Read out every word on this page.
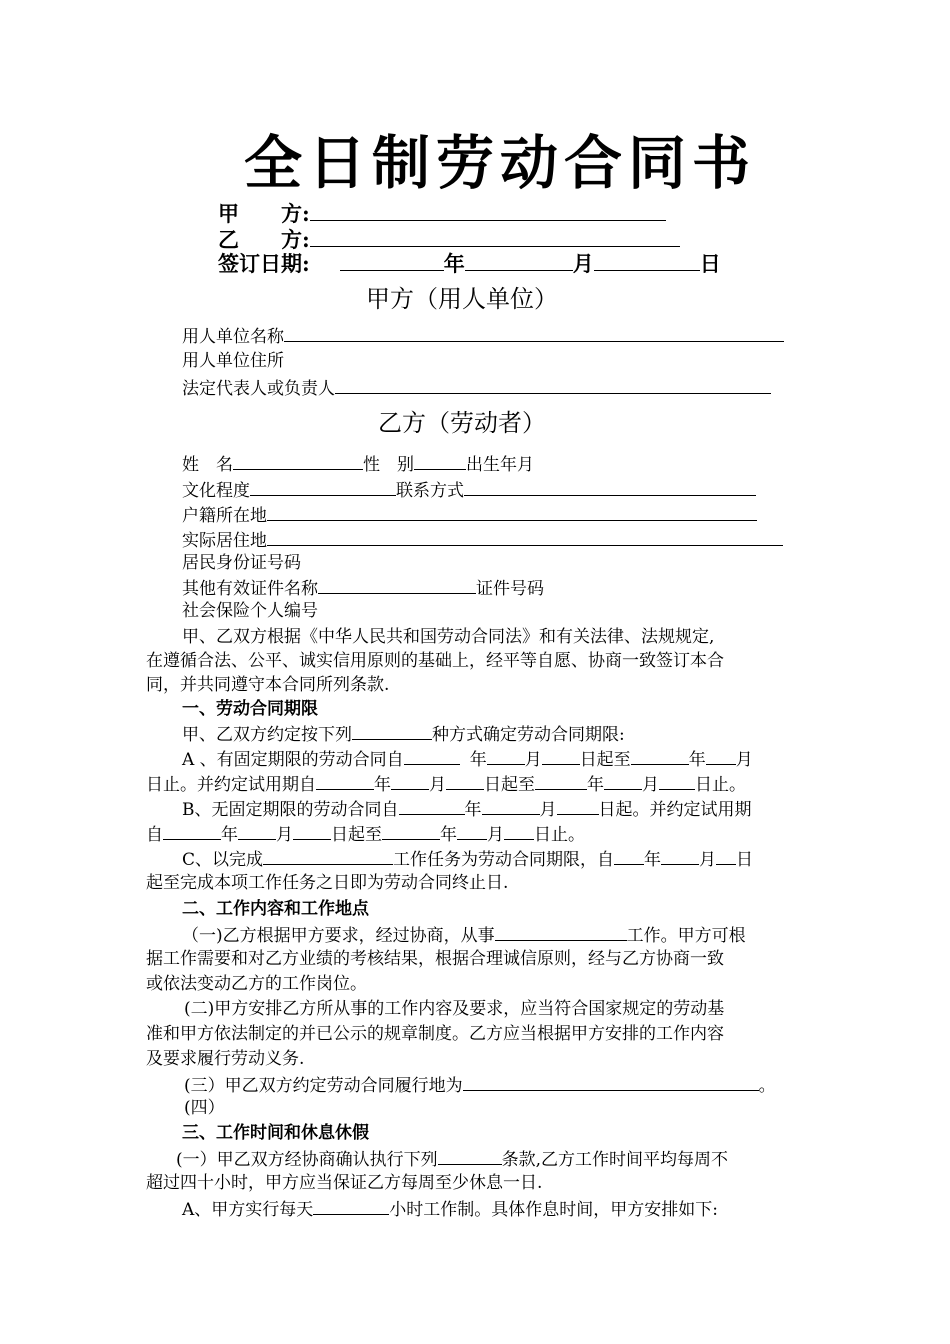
全日制劳动合同书
甲　　方:
乙　　方:
签订日期:	年	月	日
甲方（用人单位）
用人单位名称
用人单位住所
法定代表人或负责人
乙方（劳动者）
姓　名	性　别	出生年月
文化程度	联系方式
户籍所在地
实际居住地
居民身份证号码
其他有效证件名称	证件号码
社会保险个人编号
甲、乙双方根据《中华人民共和国劳动合同法》和有关法律、法规规定,
在遵循合法、公平、诚实信用原则的基础上，经平等自愿、协商一致签订本合
同，并共同遵守本合同所列条款.
一、劳动合同期限
甲、乙双方约定按下列	种方式确定劳动合同期限:
A 、有固定期限的劳动合同自	年 月 日起至	年 月
日止。并约定试用期自	年 月 日起至	年 月 日止。
B、无固定期限的劳动合同自	年	月 日起。并约定试用期
自	年 月 日起至	年 月 日止。
C、以完成	工作任务为劳动合同期限，自 年 月 日
起至完成本项工作任务之日即为劳动合同终止日.
二、工作内容和工作地点
（一)乙方根据甲方要求，经过协商，从事	工作。甲方可根
据工作需要和对乙方业绩的考核结果，根据合理诚信原则，经与乙方协商一致
或依法变动乙方的工作岗位。
(二)甲方安排乙方所从事的工作内容及要求，应当符合国家规定的劳动基
准和甲方依法制定的并已公示的规章制度。乙方应当根据甲方安排的工作内容
及要求履行劳动义务.
(三）甲乙双方约定劳动合同履行地为	。
(四）
三、工作时间和休息休假
(一）甲乙双方经协商确认执行下列	条款,乙方工作时间平均每周不
超过四十小时，甲方应当保证乙方每周至少休息一日.
A、甲方实行每天	小时工作制。具体作息时间，甲方安排如下:
